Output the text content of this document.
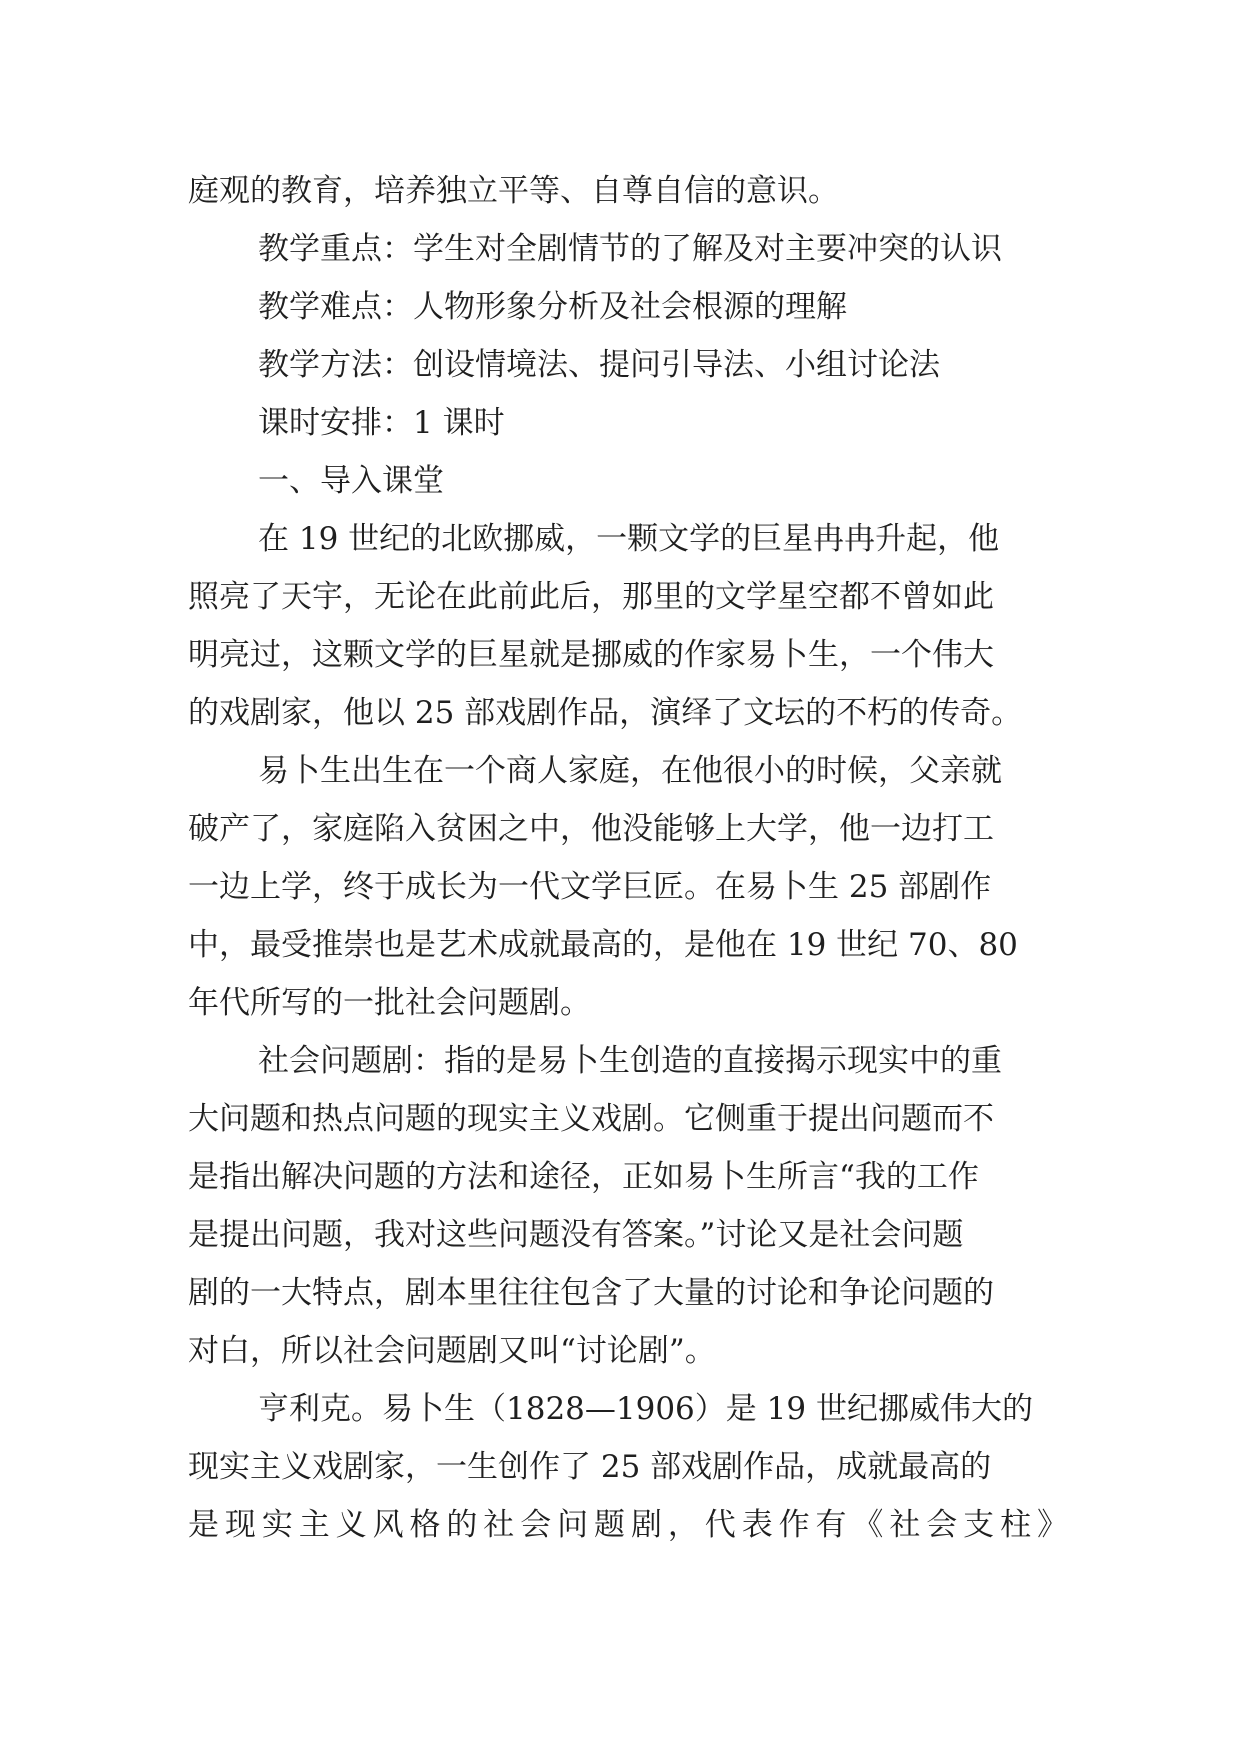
庭观的教育，培养独立平等、自尊自信的意识。
教学重点：学生对全剧情节的了解及对主要冲突的认识
教学难点：人物形象分析及社会根源的理解
教学方法：创设情境法、提问引导法、小组讨论法
课时安排：1 课时
一、导入课堂
在 19 世纪的北欧挪威，一颗文学的巨星冉冉升起，他
照亮了天宇，无论在此前此后，那里的文学星空都不曾如此
明亮过，这颗文学的巨星就是挪威的作家易卜生，一个伟大
的戏剧家，他以 25 部戏剧作品，演绎了文坛的不朽的传奇。
易卜生出生在一个商人家庭，在他很小的时候，父亲就
破产了，家庭陷入贫困之中，他没能够上大学，他一边打工
一边上学，终于成长为一代文学巨匠。在易卜生 25 部剧作
中，最受推崇也是艺术成就最高的，是他在 19 世纪 70、80
年代所写的一批社会问题剧。
社会问题剧：指的是易卜生创造的直接揭示现实中的重
大问题和热点问题的现实主义戏剧。它侧重于提出问题而不
是指出解决问题的方法和途径，正如易卜生所言“我的工作
是提出问题，我对这些问题没有答案。”讨论又是社会问题
剧的一大特点，剧本里往往包含了大量的讨论和争论问题的
对白，所以社会问题剧又叫“讨论剧”。
亨利克。易卜生（1828—1906）是 19 世纪挪威伟大的
现实主义戏剧家，一生创作了 25 部戏剧作品，成就最高的
是现实主义风格的社会问题剧，代表作有《社会支柱》
